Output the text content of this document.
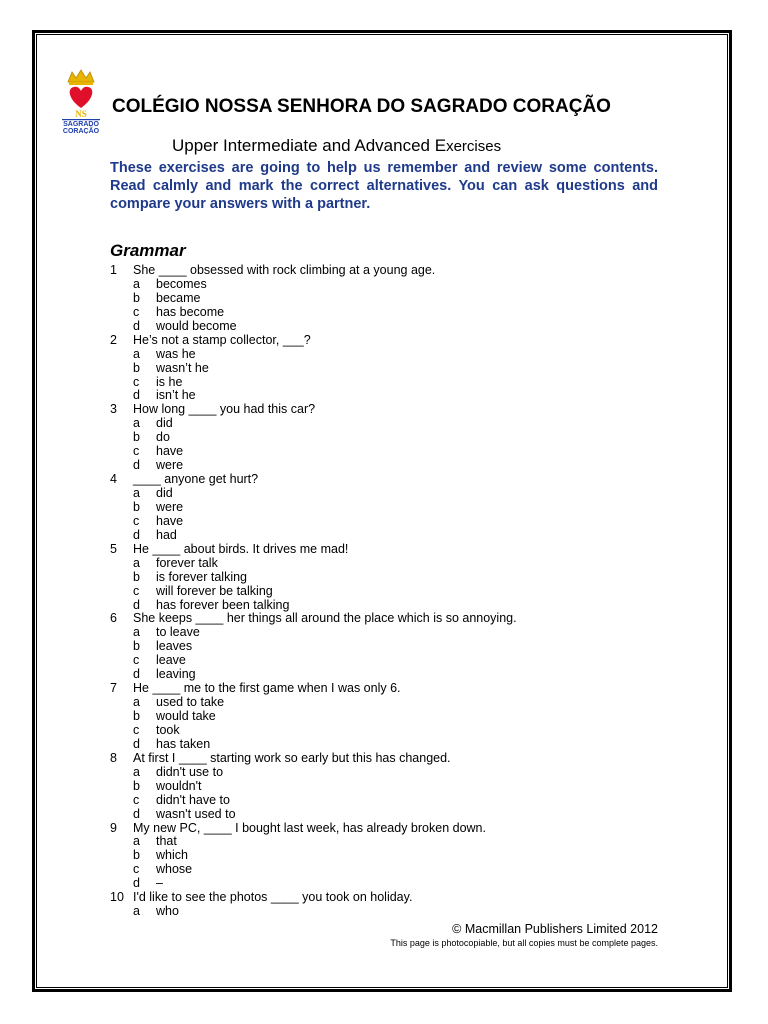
NS
SAGRADO
CORAÇÃO
COLÉGIO NOSSA SENHORA DO SAGRADO CORAÇÃO
Upper Intermediate and Advanced Exercises
These exercises are going to help us remember and review some contents. Read calmly and mark the correct alternatives. You can ask questions and compare your answers with a partner.
Grammar
1	She ____ obsessed with rock climbing at a young age.
a	becomes
b	became
c	has become
d	would become
2	He’s not a stamp collector, ___?
a	was he
b	wasn’t he
c	is he
d	isn’t he
3	How long ____ you had this car?
a	did
b	do
c	have
d	were
4	____ anyone get hurt?
a	did
b	were
c	have
d	had
5	He ____ about birds. It drives me mad!
a	forever talk
b	is forever talking
c	will forever be talking
d	has forever been talking
6	She keeps ____ her things all around the place which is so annoying.
a	to leave
b	leaves
c	leave
d	leaving
7	He ____ me to the first game when I was only 6.
a	used to take
b	would take
c	took
d	has taken
8	At first I ____ starting work so early but this has changed.
a	didn't use to
b	wouldn't
c	didn't have to
d	wasn't used to
9	My new PC, ____ I bought last week, has already broken down.
a	that
b	which
c	whose
d	–
10 I'd like to see the photos ____ you took on holiday.
a	who
© Macmillan Publishers Limited 2012
This page is photocopiable, but all copies must be complete pages.
